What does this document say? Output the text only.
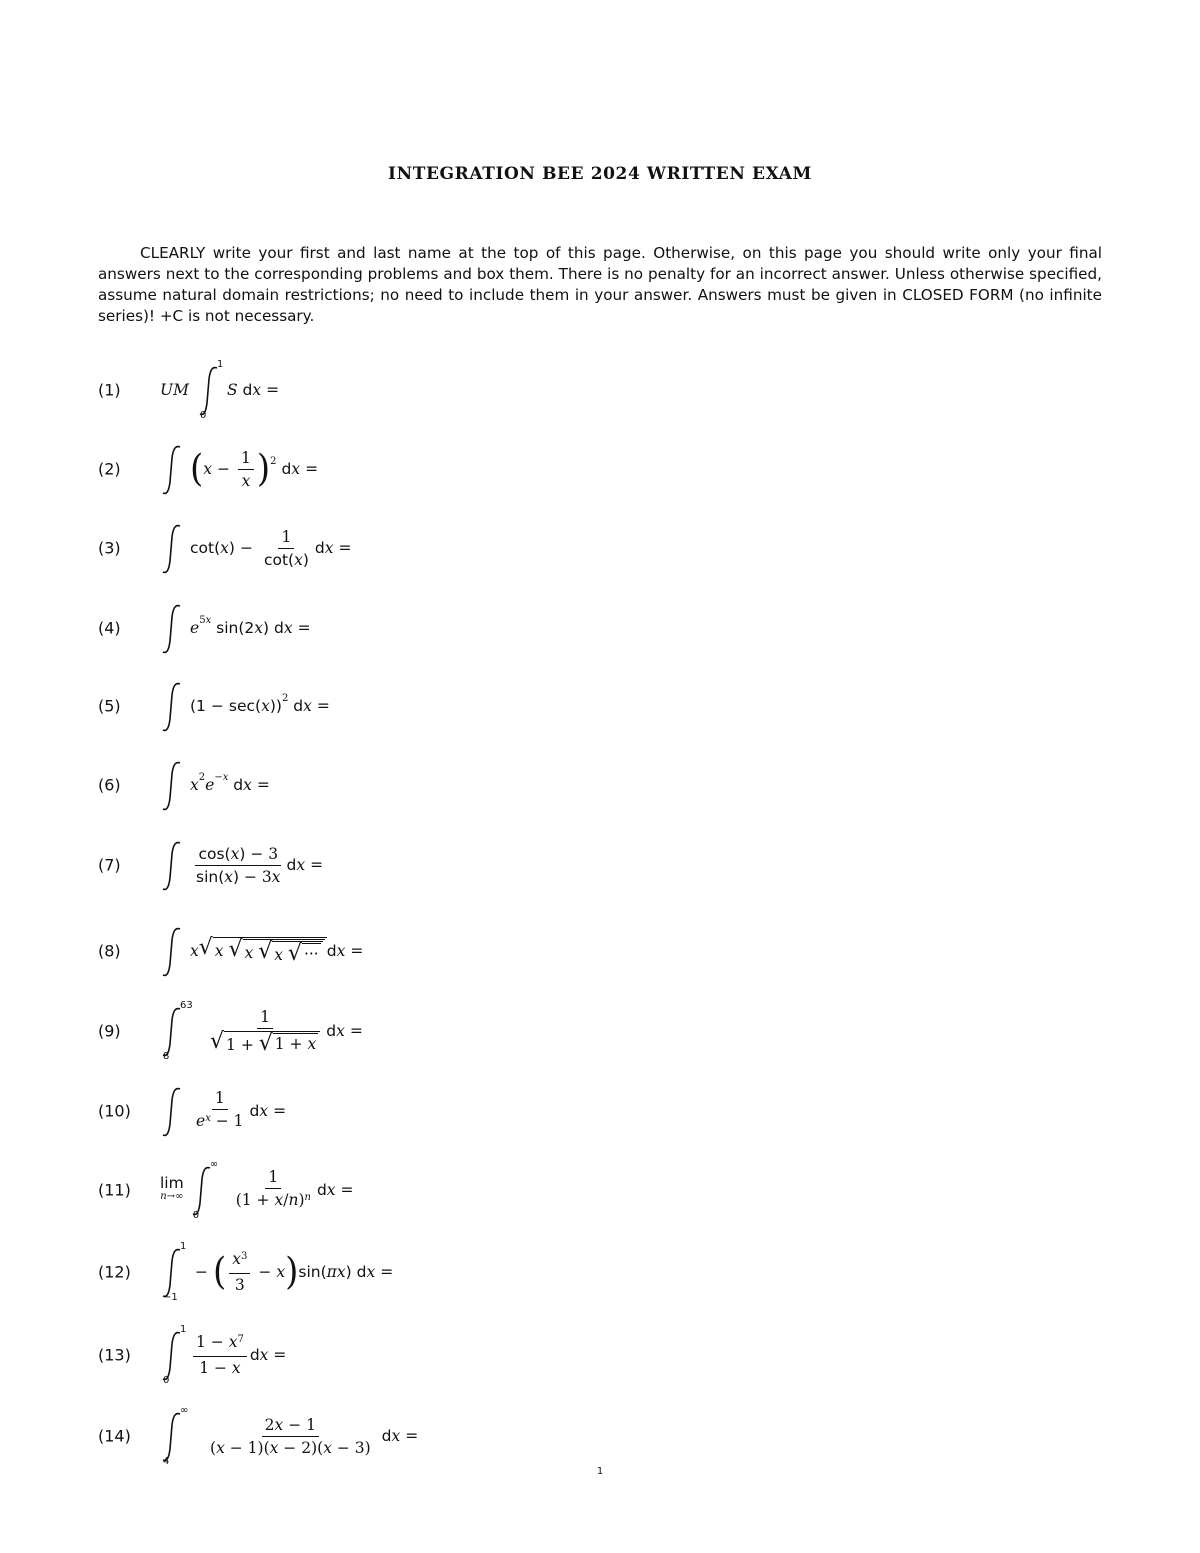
INTEGRATION BEE 2024 WRITTEN EXAM
CLEARLY write your first and last name at the top of this page. Otherwise, on this page you should write only your final answers next to the corresponding problems and box them. There is no penalty for an incorrect answer. Unless otherwise specified, assume natural domain restrictions; no need to include them in your answer. Answers must be given in CLOSED FORM (no infinite series)! +C is not necessary.
(1)	UM
1
0
S
d x =
(2) ( $x - \frac{1}{x}$ ) 2
d x =
(3)	cot( x ) − $\frac{1}{\cot(x)}$ d x =
(4)	e 5x
sin(2 x )
d x =
(5)	(1 − sec( x )) 2
d x =
(6)	x 2 e −x
d x =
(7)	$\frac{\cos(x) - 3}{\sin(x) - 3x}$ d x =
(8)	x √ x √ x √ x √ ··· d x =
(9)
63
8
$\frac{1}{√ 1 + √ 1 + x}$ d x =
(10)	$\frac{1}{e^x - 1}$ d x =
(11) lim
n→∞
∞
0
$\frac{1}{(1 + x/n)^n}$ d x =
(12)
1
−1
− ( $\frac{x^3}{3} - x$ ) sin( πx )
d x =
(13)
1
0
$\frac{1 - x^7}{1 - x}$ d x =
(14)
∞
4
$\frac{2x - 1}{(x - 1)(x - 2)(x - 3)}$
d x =
1
